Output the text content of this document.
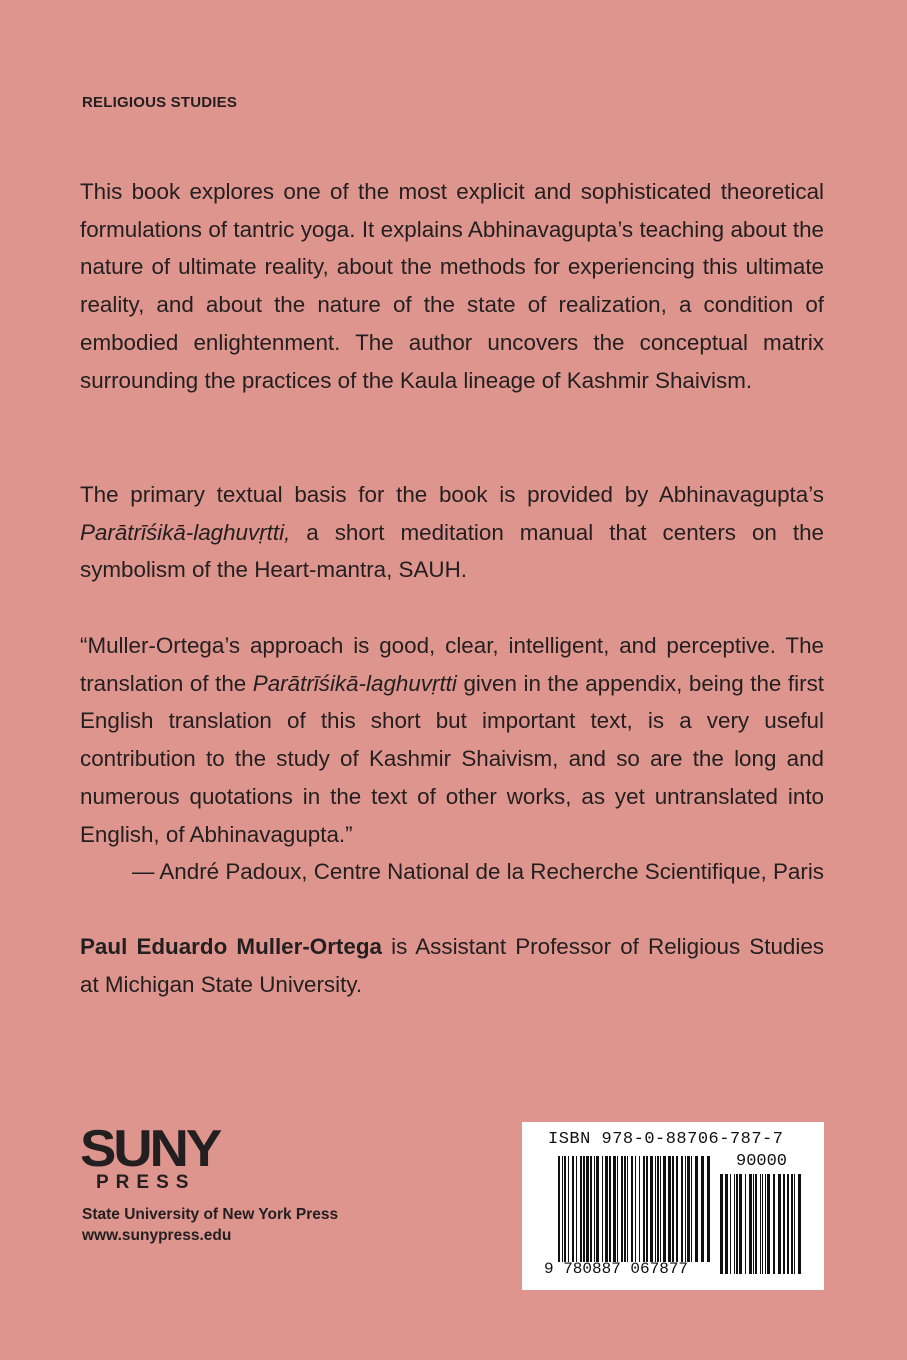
RELIGIOUS STUDIES

This book explores one of the most explicit and sophisticated theoretical formulations of tantric yoga. It explains Abhinavagupta’s teaching about the nature of ultimate reality, about the methods for experiencing this ultimate reality, and about the nature of the state of realization, a condition of embodied enlightenment. The author uncovers the conceptual matrix surrounding the practices of the Kaula lineage of Kashmir Shaivism.

The primary textual basis for the book is provided by Abhinavagupta’s Parātrīśikā-laghuvṛtti, a short meditation manual that centers on the symbolism of the Heart-mantra, SAUH.

“Muller-Ortega’s approach is good, clear, intelligent, and perceptive. The translation of the Parātrīśikā-laghuvṛtti given in the appendix, being the first English translation of this short but important text, is a very useful contribution to the study of Kashmir Shaivism, and so are the long and numerous quotations in the text of other works, as yet untranslated into English, of Abhinavagupta.”
— André Padoux, Centre National de la Recherche Scientifique, Paris

Paul Eduardo Muller-Ortega is Assistant Professor of Religious Studies at Michigan State University.

SUNY
PRESS
State University of New York Press
www.sunypress.edu
ISBN 978-0-88706-787-7
90000
9 780887 067877
